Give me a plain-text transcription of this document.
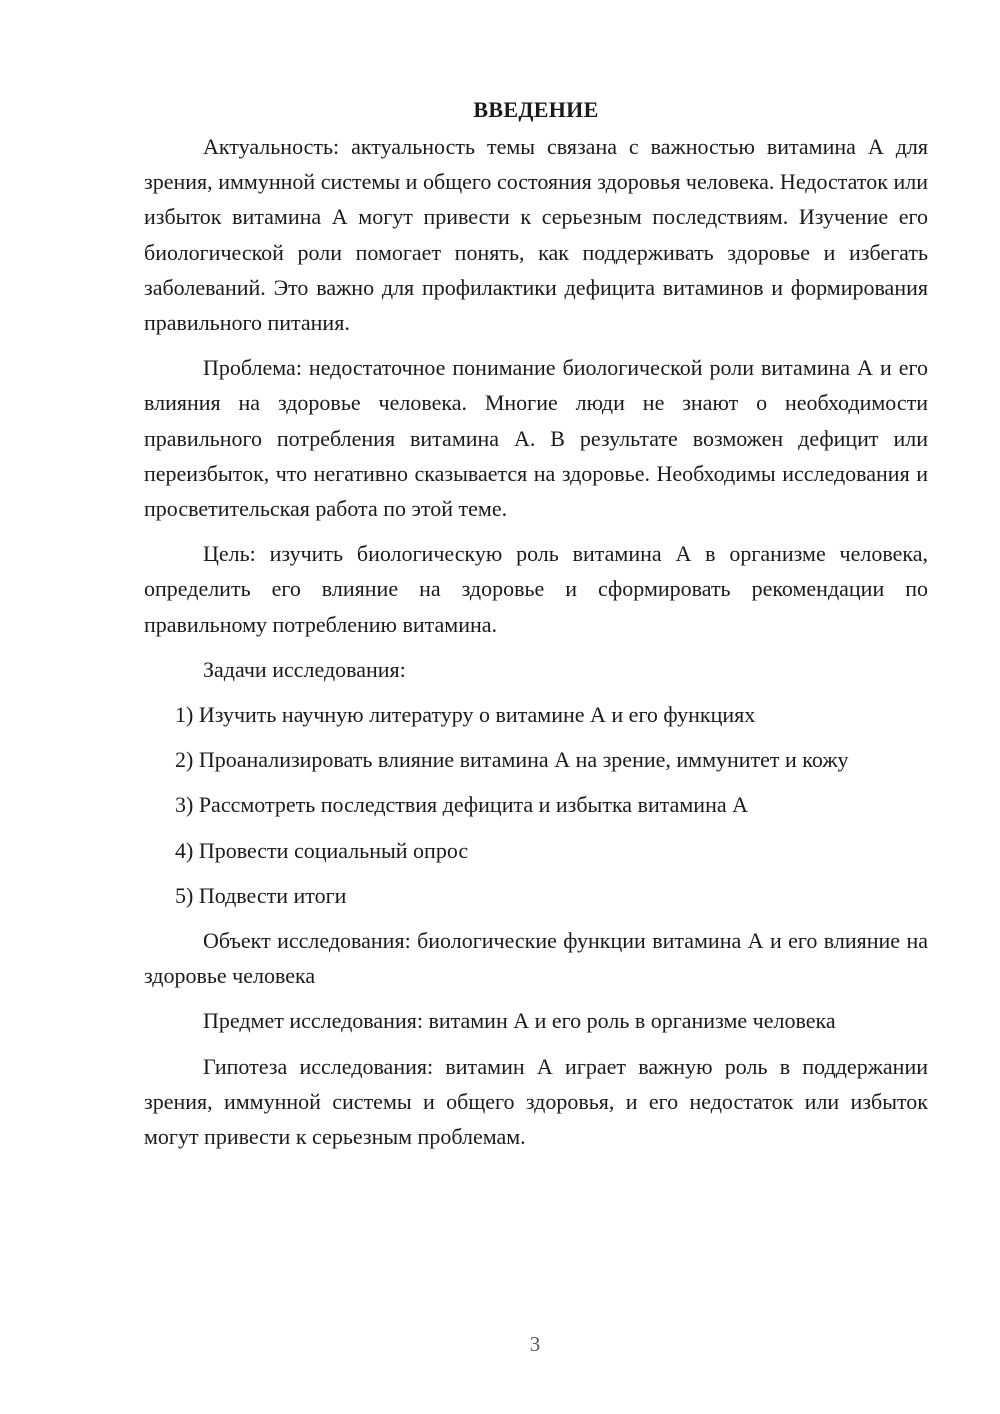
ВВЕДЕНИЕ

Актуальность: актуальность темы связана с важностью витамина А для зрения, иммунной системы и общего состояния здоровья человека. Недостаток или избыток витамина А могут привести к серьезным последствиям. Изучение его биологической роли помогает понять, как поддерживать здоровье и избегать заболеваний. Это важно для профилактики дефицита витаминов и формирования правильного питания.

Проблема: недостаточное понимание биологической роли витамина А и его влияния на здоровье человека. Многие люди не знают о необходимости правильного потребления витамина А. В результате возможен дефицит или переизбыток, что негативно сказывается на здоровье. Необходимы исследования и просветительская работа по этой теме.

Цель: изучить биологическую роль витамина А в организме человека, определить его влияние на здоровье и сформировать рекомендации по правильному потреблению витамина.

Задачи исследования:

1) Изучить научную литературу о витамине А и его функциях

2) Проанализировать влияние витамина А на зрение, иммунитет и кожу

3) Рассмотреть последствия дефицита и избытка витамина А

4) Провести социальный опрос

5) Подвести итоги

Объект исследования: биологические функции витамина А и его влияние на здоровье человека

Предмет исследования: витамин А и его роль в организме человека

Гипотеза исследования: витамин А играет важную роль в поддержании зрения, иммунной системы и общего здоровья, и его недостаток или избыток могут привести к серьезным проблемам.

3
